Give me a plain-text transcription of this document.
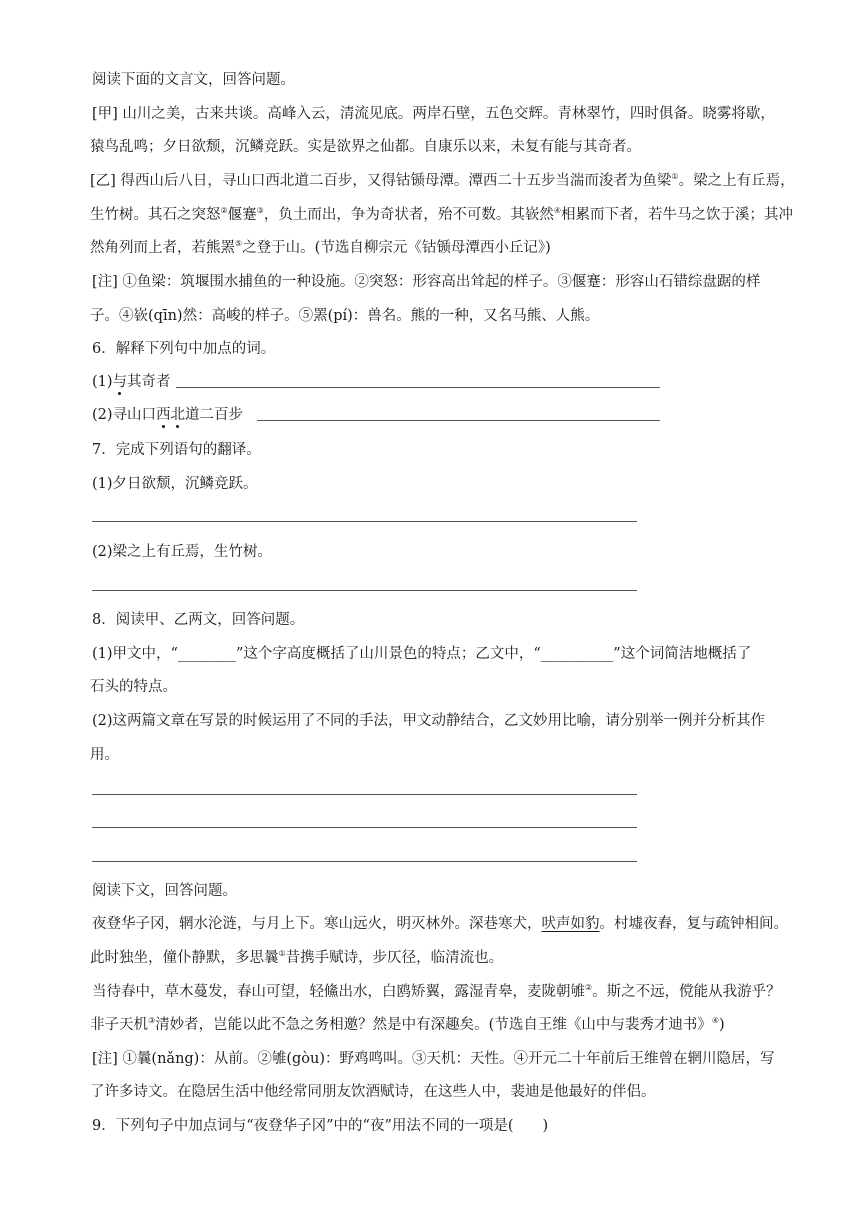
阅读下面的文言文，回答问题。
[甲] 山川之美，古来共谈。高峰入云，清流见底。两岸石壁，五色交辉。青林翠竹，四时俱备。晓雾将歇，
猿鸟乱鸣；夕日欲颓，沉鳞竞跃。实是欲界之仙都。自康乐以来，未复有能与其奇者。
[乙] 得西山后八日，寻山口西北道二百步，又得钴锧母潭。潭西二十五步当湍而浚者为鱼梁①。梁之上有丘焉，
生竹树。其石之突怒②偃蹇③，负土而出，争为奇状者，殆不可数。其嵚然④相累而下者，若牛马之饮于溪；其冲
然角列而上者，若熊罴⑤之登于山。(节选自柳宗元《钴锧母潭西小丘记》)
[注] ①鱼梁：筑堰围水捕鱼的一种设施。②突怒：形容高出耸起的样子。③偃蹇：形容山石错综盘踞的样
子。④嵚(qīn)然：高峻的样子。⑤罴(pí)：兽名。熊的一种，又名马熊、人熊。
6．解释下列句中加点的词。
(1)与其奇者
(2)寻山口西北道二百步
7．完成下列语句的翻译。
(1)夕日欲颓，沉鳞竞跃。
(2)梁之上有丘焉，生竹树。
8．阅读甲、乙两文，回答问题。
(1)甲文中，“________”这个字高度概括了山川景色的特点；乙文中，“__________”这个词简洁地概括了
石头的特点。
(2)这两篇文章在写景的时候运用了不同的手法，甲文动静结合，乙文妙用比喻，请分别举一例并分析其作
用。
阅读下文，回答问题。
夜登华子冈，辋水沦涟，与月上下。寒山远火，明灭林外。深巷寒犬，吠声如豹。村墟夜舂，复与疏钟相间。
此时独坐，僮仆静默，多思曩①昔携手赋诗，步仄径，临清流也。
当待春中，草木蔓发，春山可望，轻鯈出水，白鸥矫翼，露湿青皋，麦陇朝雊②。斯之不远，傥能从我游乎？
非子天机③清妙者，岂能以此不急之务相邀？然是中有深趣矣。(节选自王维《山中与裴秀才迪书》④)
[注] ①曩(nǎng)：从前。②雊(gòu)：野鸡鸣叫。③天机：天性。④开元二十年前后王维曾在辋川隐居，写
了许多诗文。在隐居生活中他经常同朋友饮酒赋诗，在这些人中，裴迪是他最好的伴侣。
9．下列句子中加点词与“夜登华子冈”中的“夜”用法不同的一项是(　　)
